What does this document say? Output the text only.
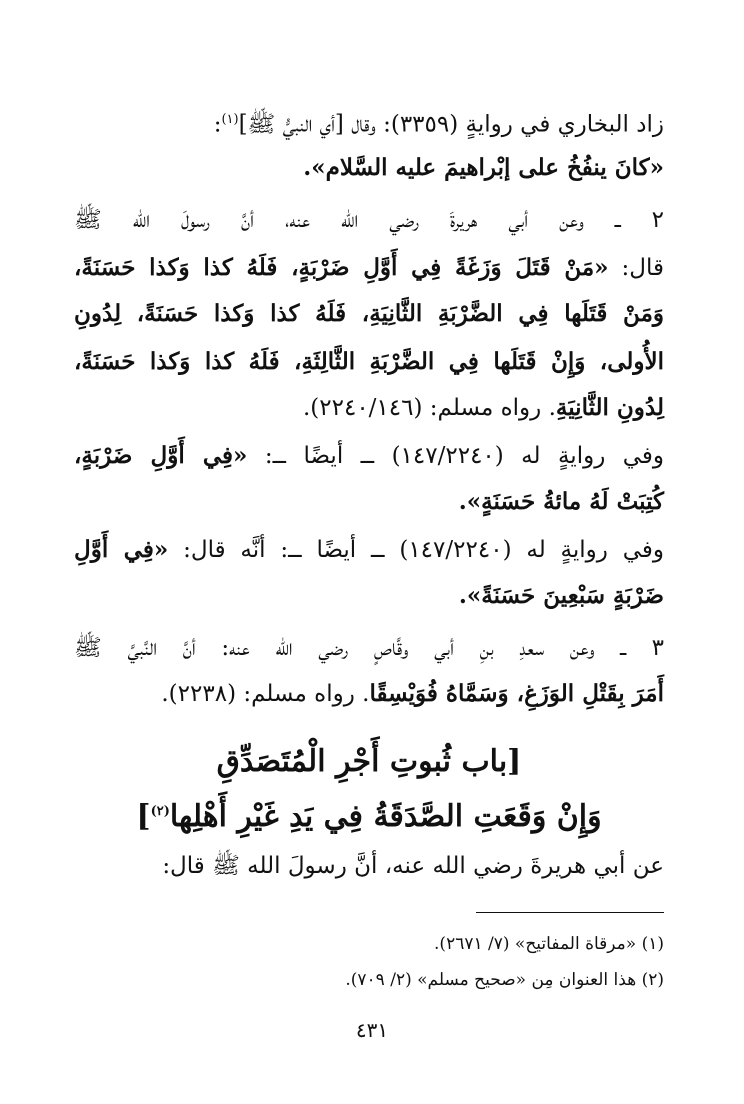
زاد البخاري في روايةٍ (٣٣٥٩): وقال [أي النبيُّ ﷺ]$^{(١)}$:
«كانَ ينفُخُ على إبْراهيمَ عليه السَّلام».
٢ ــ وعن أبي هريرةَ رضي الله عنه، أنَّ رسولَ الله ﷺ
قال: «مَنْ قَتَلَ وَزَغَةً فِي أَوَّلِ ضَرْبَةٍ، فَلَهُ كذا وَكذا حَسَنَةً،
وَمَنْ قَتَلَها فِي الضَّرْبَةِ الثَّانِيَةِ، فَلَهُ كذا وَكذا حَسَنَةً، لِدُونِ
الأُولى، وَإِنْ قَتَلَها فِي الضَّرْبَةِ الثَّالِثَةِ، فَلَهُ كذا وَكذا حَسَنَةً،
لِدُونِ الثَّانِيَةِ. رواه مسلم: (٢٢٤٠/١٤٦).
وفي روايةٍ له (١٤٧/٢٢٤٠) ــ أيضًا ــ: «فِي أَوَّلِ ضَرْبَةٍ،
كُتِبَتْ لَهُ مائةُ حَسَنَةٍ».
وفي روايةٍ له (١٤٧/٢٢٤٠) ــ أيضًا ــ: أنَّه قال: «فِي أَوَّلِ
ضَرْبَةٍ سَبْعِينَ حَسَنَةً».
٣ ــ وعن سعدِ بنِ أبي وقَّاصٍ رضي الله عنه: أنَّ النَّبيَّ ﷺ
أَمَرَ بِقَتْلِ الوَزَغِ، وَسَمَّاهُ فُوَيْسِقًا. رواه مسلم: (٢٢٣٨).
[باب ثُبوتِ أَجْرِ الْمُتَصَدِّقِ
وَإِنْ وَقَعَتِ الصَّدَقَةُ فِي يَدِ غَيْرِ أَهْلِها$^{(٢)}$]
عن أبي هريرةَ رضي الله عنه، أنَّ رسولَ الله ﷺ قال:
(١) «مرقاة المفاتيح» (٧/ ٢٦٧١).
(٢) هذا العنوان مِن «صحيح مسلم» (٢/ ٧٠٩).
٤٣١
